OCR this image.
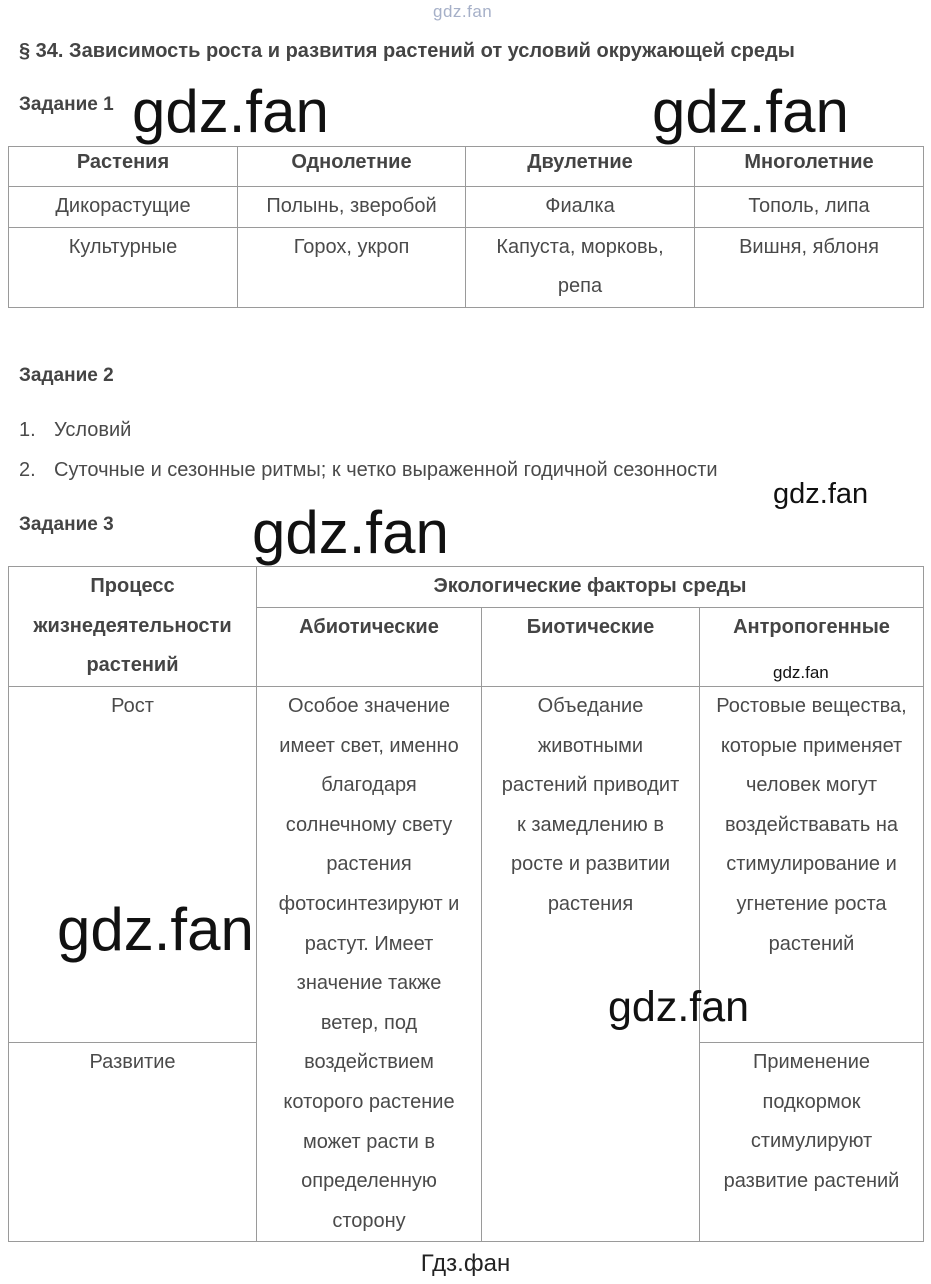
gdz.fan
§ 34. Зависимость роста и развития растений от условий окружающей среды
Задание 1
Растения	Однолетние	Двулетние	Многолетние
Дикорастущие	Полынь, зверобой	Фиалка	Тополь, липа
Культурные	Горох, укроп	Капуста, морковь, репа	Вишня, яблоня
Задание 2
1. Условий
2. Суточные и сезонные ритмы; к четко выраженной годичной сезонности
Задание 3
Процесс жизнедеятельности растений	Экологические факторы среды		
	Абиотические	Биотические	Антропогенные
Рост	Особое значение имеет свет, именно благодаря солнечному свету растения фотосинтезируют и растут. Имеет значение также ветер, под воздействием которого растение может расти в определенную сторону	Объедание животными растений приводит к замедлению в росте и развитии растения	Ростовые вещества, которые применяет человек могут воздействавать на стимулирование и угнетение роста растений
Развитие			Применение подкормок стимулируют развитие растений
gdz.fan	gdz.fan
gdz.fan
gdz.fan
gdz.fan
gdz.fan
gdz.fan
Гдз.фан
